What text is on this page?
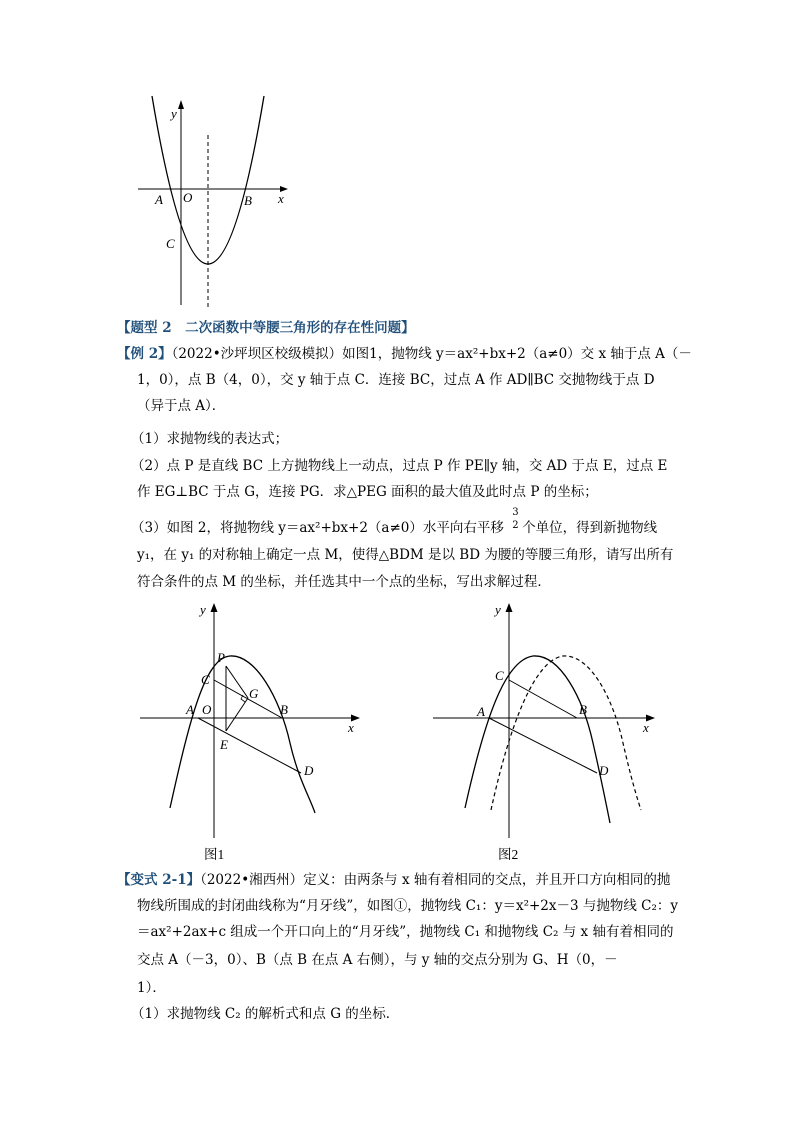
y
x
A O	B
C
【题型 2　二次函数中等腰三角形的存在性问题】
【例 2】（2022•沙坪坝区校级模拟）如图1，抛物线 y＝ax²+bx+2（a≠0）交 x 轴于点 A（－
1，0），点 B（4，0），交 y 轴于点 C．连接 BC，过点 A 作 AD∥BC 交抛物线于点 D
（异于点 A）．
（1）求抛物线的表达式；
（2）点 P 是直线 BC 上方抛物线上一动点，过点 P 作 PE∥y 轴，交 AD 于点 E，过点 E
作 EG⊥BC 于点 G，连接 PG．求△PEG 面积的最大值及此时点 P 的坐标；
（3）如图 2，将抛物线 y＝ax²+bx+2（a≠0）水平向右平移
3
2 个单位，得到新抛物线
y₁，在 y₁ 的对称轴上确定一点 M，使得△BDM 是以 BD 为腰的等腰三角形，请写出所有
符合条件的点 M 的坐标，并任选其中一个点的坐标，写出求解过程．
y
x
P
C
G
A O	B
E
D
图1
y
x
C
A	B
D
图2
【变式 2-1】（2022•湘西州）定义：由两条与 x 轴有着相同的交点，并且开口方向相同的抛
物线所围成的封闭曲线称为“月牙线”，如图①，抛物线 C₁：y＝x²+2x－3 与抛物线 C₂：y
＝ax²+2ax+c 组成一个开口向上的“月牙线”，抛物线 C₁ 和抛物线 C₂ 与 x 轴有着相同的
交点 A（－3，0）、B（点 B 在点 A 右侧），与 y 轴的交点分别为 G、H（0，－
1）．
（1）求抛物线 C₂ 的解析式和点 G 的坐标．
